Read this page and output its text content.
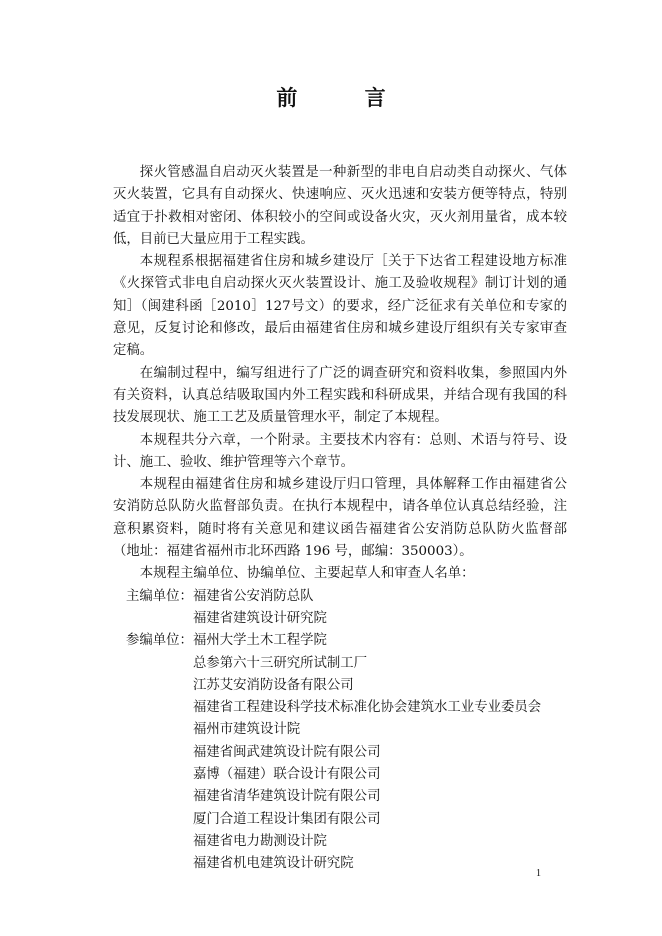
前 言

探火管感温自启动灭火装置是一种新型的非电自启动类自动探火、气体灭火装置，它具有自动探火、快速响应、灭火迅速和安装方便等特点，特别适宜于扑救相对密闭、体积较小的空间或设备火灾，灭火剂用量省，成本较低，目前已大量应用于工程实践。

本规程系根据福建省住房和城乡建设厅［关于下达省工程建设地方标准《火探管式非电自启动探火灭火装置设计、施工及验收规程》制订计划的通知］（闽建科函［2010］127号文）的要求，经广泛征求有关单位和专家的意见，反复讨论和修改，最后由福建省住房和城乡建设厅组织有关专家审查定稿。

在编制过程中，编写组进行了广泛的调查研究和资料收集，参照国内外有关资料，认真总结吸取国内外工程实践和科研成果，并结合现有我国的科技发展现状、施工工艺及质量管理水平，制定了本规程。

本规程共分六章，一个附录。主要技术内容有：总则、术语与符号、设计、施工、验收、维护管理等六个章节。

本规程由福建省住房和城乡建设厅归口管理，具体解释工作由福建省公安消防总队防火监督部负责。在执行本规程中，请各单位认真总结经验，注意积累资料，随时将有关意见和建议函告福建省公安消防总队防火监督部（地址：福建省福州市北环西路 196 号，邮编：350003）。

本规程主编单位、协编单位、主要起草人和审查人名单：

主编单位： 福建省公安消防总队
福建省建筑设计研究院
参编单位： 福州大学土木工程学院
总参第六十三研究所试制工厂
江苏艾安消防设备有限公司
福建省工程建设科学技术标准化协会建筑水工业专业委员会
福州市建筑设计院
福建省闽武建筑设计院有限公司
嘉博（福建）联合设计有限公司
福建省清华建筑设计院有限公司
厦门合道工程设计集团有限公司
福建省电力勘测设计院
福建省机电建筑设计研究院
1
